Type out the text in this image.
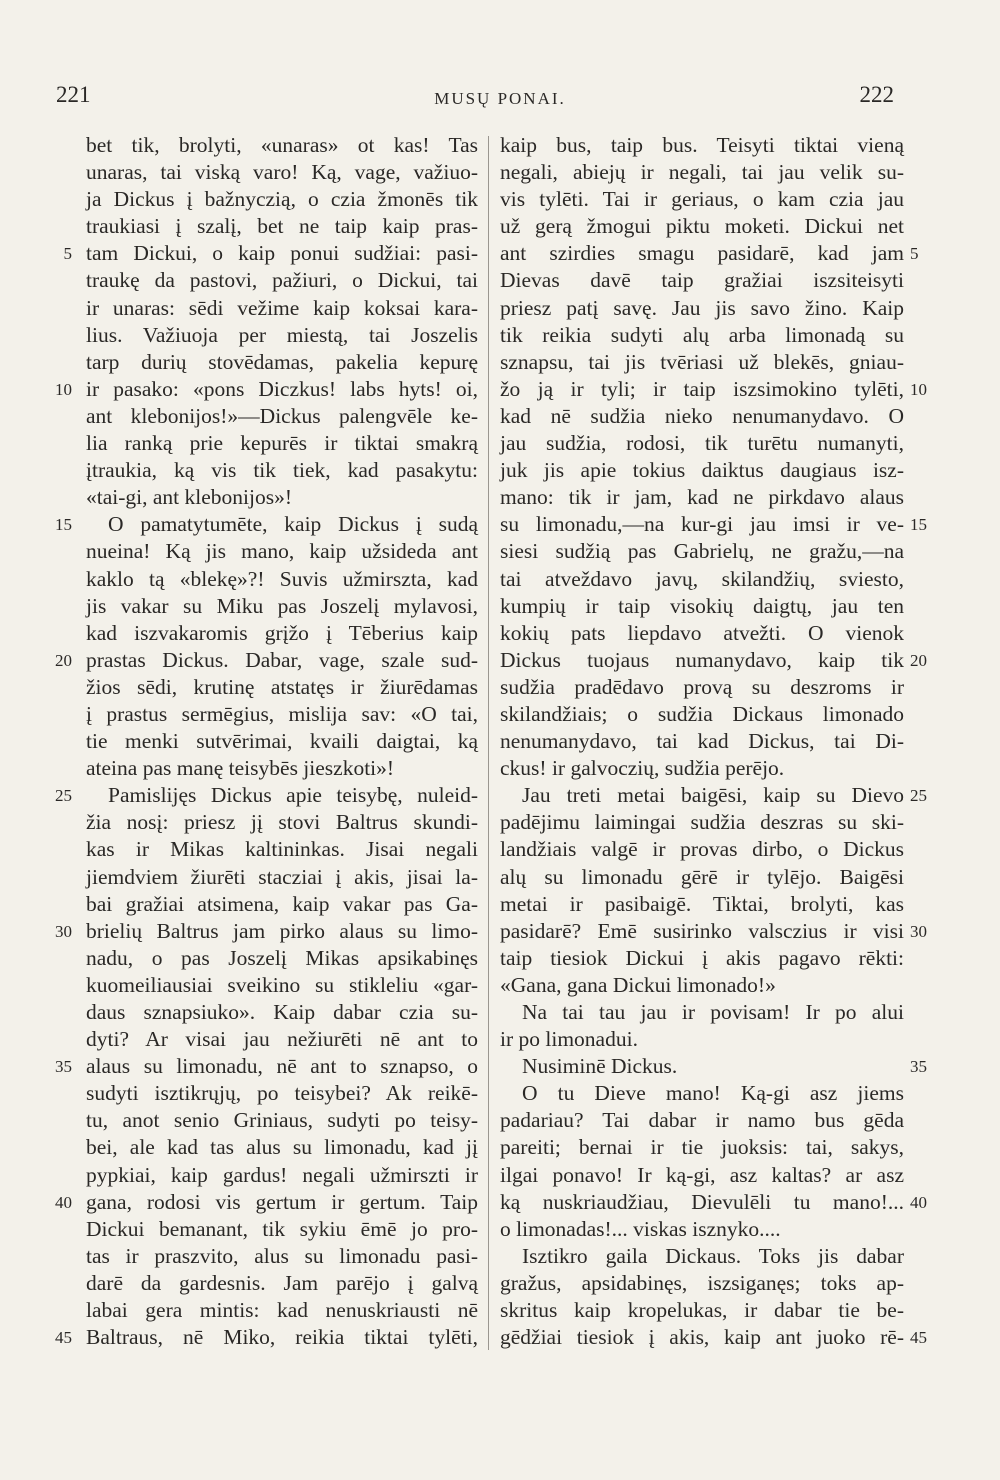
221	MUSŲ PONAI.	222
bet tik, brolyti, «unaras» ot kas! Tas
unaras, tai viską varo! Ką, vage, važiuo-
ja Dickus į bažnyczią, o czia žmonēs tik
traukiasi į szalį, bet ne taip kaip pras-
tam Dickui, o kaip ponui sudžiai: pasi-
traukę da pastovi, pažiuri, o Dickui, tai
ir unaras: sēdi vežime kaip koksai kara-
lius. Važiuoja per miestą, tai Joszelis
tarp durių stovēdamas, pakelia kepurę
ir pasako: «pons Diczkus! labs hyts! oi,
ant klebonijos!»—Dickus palengvēle ke-
lia ranką prie kepurēs ir tiktai smakrą
įtraukia, ką vis tik tiek, kad pasakytu:
«tai-gi, ant klebonijos»!
O pamatytumēte, kaip Dickus į sudą
nueina! Ką jis mano, kaip užsideda ant
kaklo tą «blekę»?! Suvis užmirszta, kad
jis vakar su Miku pas Joszelį mylavosi,
kad iszvakaromis grįžo į Tēberius kaip
prastas Dickus. Dabar, vage, szale sud-
žios sēdi, krutinę atstatęs ir žiurēdamas
į prastus sermēgius, mislija sav: «O tai,
tie menki sutvērimai, kvaili daigtai, ką
ateina pas manę teisybēs jieszkoti»!
Pamislijęs Dickus apie teisybę, nuleid-
žia nosį: priesz jį stovi Baltrus skundi-
kas ir Mikas kaltininkas. Jisai negali
jiemdviem žiurēti stacziai į akis, jisai la-
bai gražiai atsimena, kaip vakar pas Ga-
brielių Baltrus jam pirko alaus su limo-
nadu, o pas Joszelį Mikas apsikabinęs
kuomeiliausiai sveikino su stikleliu «gar-
daus sznapsiuko». Kaip dabar czia su-
dyti? Ar visai jau nežiurēti nē ant to
alaus su limonadu, nē ant to sznapso, o
sudyti isztikrųjų, po teisybei? Ak reikē-
tu, anot senio Griniaus, sudyti po teisy-
bei, ale kad tas alus su limonadu, kad jį
pypkiai, kaip gardus! negali užmirszti ir
gana, rodosi vis gertum ir gertum. Taip
Dickui bemanant, tik sykiu ēmē jo pro-
tas ir praszvito, alus su limonadu pasi-
darē da gardesnis. Jam parējo į galvą
labai gera mintis: kad nenuskriausti nē
Baltraus, nē Miko, reikia tiktai tylēti,
kaip bus, taip bus. Teisyti tiktai vieną
negali, abiejų ir negali, tai jau velik su-
vis tylēti. Tai ir geriaus, o kam czia jau
už gerą žmogui piktu moketi. Dickui net
ant szirdies smagu pasidarē, kad jam
Dievas davē taip gražiai iszsiteisyti
priesz patį savę. Jau jis savo žino. Kaip
tik reikia sudyti alų arba limonadą su
sznapsu, tai jis tvēriasi už blekēs, gniau-
žo ją ir tyli; ir taip iszsimokino tylēti,
kad nē sudžia nieko nenumanydavo. O
jau sudžia, rodosi, tik turētu numanyti,
juk jis apie tokius daiktus daugiaus isz-
mano: tik ir jam, kad ne pirkdavo alaus
su limonadu,—na kur-gi jau imsi ir ve-
siesi sudžią pas Gabrielų, ne gražu,—na
tai atveždavo javų, skilandžių, sviesto,
kumpių ir taip visokių daigtų, jau ten
kokių pats liepdavo atvežti. O vienok
Dickus tuojaus numanydavo, kaip tik
sudžia pradēdavo provą su deszroms ir
skilandžiais; o sudžia Dickaus limonado
nenumanydavo, tai kad Dickus, tai Di-
ckus! ir galvoczių, sudžia perējo.
Jau treti metai baigēsi, kaip su Dievo
padējimu laimingai sudžia deszras su ski-
landžiais valgē ir provas dirbo, o Dickus
alų su limonadu gērē ir tylējo. Baigēsi
metai ir pasibaigē. Tiktai, brolyti, kas
pasidarē? Emē susirinko valsczius ir visi
taip tiesiok Dickui į akis pagavo rēkti:
«Gana, gana Dickui limonado!»
Na tai tau jau ir povisam! Ir po alui
ir po limonadui.
Nusiminē Dickus.
O tu Dieve mano! Ką-gi asz jiems
padariau? Tai dabar ir namo bus gēda
pareiti; bernai ir tie juoksis: tai, sakys,
ilgai ponavo! Ir ką-gi, asz kaltas? ar asz
ką nuskriaudžiau, Dievulēli tu mano!...
o limonadas!... viskas isznyko....
Isztikro gaila Dickaus. Toks jis dabar
gražus, apsidabinęs, iszsiganęs; toks ap-
skritus kaip kropelukas, ir dabar tie be-
gēdžiai tiesiok į akis, kaip ant juoko rē-
5
10
15
20
25
30
35
40
45
5
10
15
20
25
30
35
40
45
